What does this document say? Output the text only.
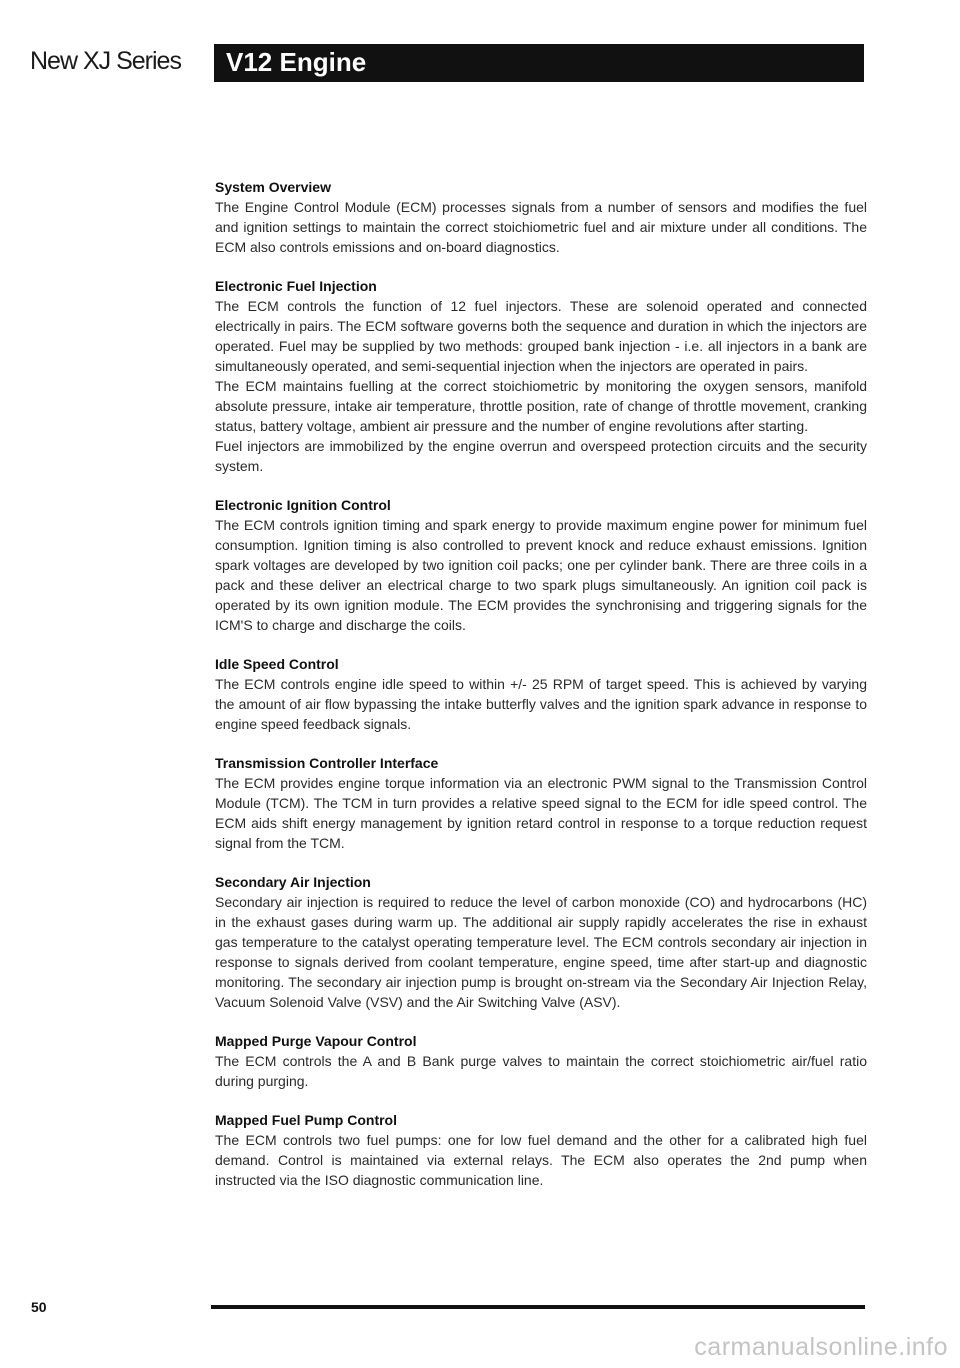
New XJ Series V12 Engine
System Overview

The Engine Control Module (ECM) processes signals from a number of sensors and modifies the fuel and ignition settings to maintain the correct stoichiometric fuel and air mixture under all conditions. The ECM also controls emissions and on-board diagnostics.

Electronic Fuel Injection

The ECM controls the function of 12 fuel injectors. These are solenoid operated and connected electrically in pairs. The ECM software governs both the sequence and duration in which the injectors are operated. Fuel may be supplied by two methods: grouped bank injection - i.e. all injectors in a bank are simultaneously operated, and semi-sequential injection when the injectors are operated in pairs.

The ECM maintains fuelling at the correct stoichiometric by monitoring the oxygen sensors, manifold absolute pressure, intake air temperature, throttle position, rate of change of throttle movement, cranking status, battery voltage, ambient air pressure and the number of engine revolutions after starting.

Fuel injectors are immobilized by the engine overrun and overspeed protection circuits and the security system.

Electronic Ignition Control

The ECM controls ignition timing and spark energy to provide maximum engine power for minimum fuel consumption. Ignition timing is also controlled to prevent knock and reduce exhaust emissions. Ignition spark voltages are developed by two ignition coil packs; one per cylinder bank. There are three coils in a pack and these deliver an electrical charge to two spark plugs simultaneously. An ignition coil pack is operated by its own ignition module. The ECM provides the synchronising and triggering signals for the ICM'S to charge and discharge the coils.

Idle Speed Control

The ECM controls engine idle speed to within +/- 25 RPM of target speed. This is achieved by varying the amount of air flow bypassing the intake butterfly valves and the ignition spark advance in response to engine speed feedback signals.

Transmission Controller Interface

The ECM provides engine torque information via an electronic PWM signal to the Transmission Control Module (TCM). The TCM in turn provides a relative speed signal to the ECM for idle speed control. The ECM aids shift energy management by ignition retard control in response to a torque reduction request signal from the TCM.

Secondary Air Injection

Secondary air injection is required to reduce the level of carbon monoxide (CO) and hydrocarbons (HC) in the exhaust gases during warm up. The additional air supply rapidly accelerates the rise in exhaust gas temperature to the catalyst operating temperature level. The ECM controls secondary air injection in response to signals derived from coolant temperature, engine speed, time after start-up and diagnostic monitoring. The secondary air injection pump is brought on-stream via the Secondary Air Injection Relay, Vacuum Solenoid Valve (VSV) and the Air Switching Valve (ASV).

Mapped Purge Vapour Control

The ECM controls the A and B Bank purge valves to maintain the correct stoichiometric air/fuel ratio during purging.

Mapped Fuel Pump Control

The ECM controls two fuel pumps: one for low fuel demand and the other for a calibrated high fuel demand. Control is maintained via external relays. The ECM also operates the 2nd pump when instructed via the ISO diagnostic communication line.

50
carmanualsonline.info
